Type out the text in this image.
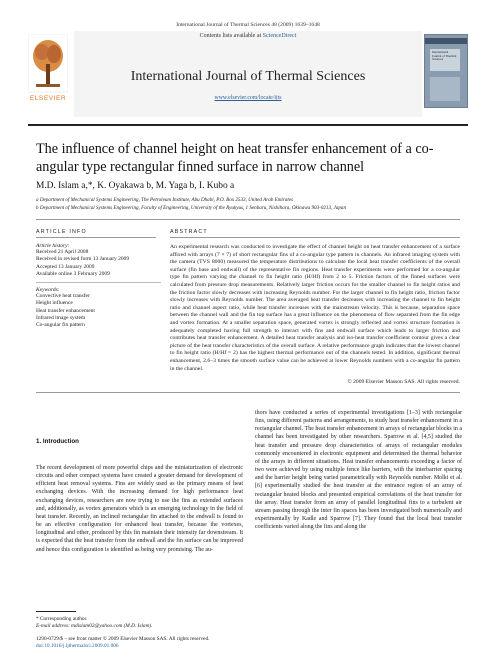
International Journal of Thermal Sciences 48 (2009) 1639–1648
ELSEVIER
Contents lists available at ScienceDirect
International Journal of Thermal Sciences
www.elsevier.com/locate/ijts
International Journal of Thermal Sciences
The influence of channel height on heat transfer enhancement of a co-angular type rectangular finned surface in narrow channel
M.D. Islam a,*, K. Oyakawa b, M. Yaga b, I. Kubo a
a Department of Mechanical Systems Engineering, The Petroleum Institute, Abu Dhabi, P.O. Box 2533, United Arab Emirates
b Department of Mechanical Systems Engineering, Faculty of Engineering, University of the Ryukyus, 1 Senbaru, Nishihara, Okinawa 903-0213, Japan
ARTICLE INFO
Article history:
Received 21 April 2008
Received in revised form 13 January 2009
Accepted 13 January 2009
Available online 3 February 2009
Keywords:
Convective heat transfer
Height influence
Heat transfer enhancement
Infrared image system
Co-angular fin pattern
ABSTRACT
An experimental research was conducted to investigate the effect of channel height on heat transfer enhancement of a surface affixed with arrays (7 × 7) of short rectangular fins of a co-angular type pattern in channels. An infrared imaging system with the camera (TVS 8000) measured the temperature distributions to calculate the local heat transfer coefficients of the overall surface (fin base and endwall) of the representative fin regions. Heat transfer experiments were performed for a co-angular type fin pattern varying the channel to fin height ratio (H/Hf) from 2 to 5. Friction factors of the finned surfaces were calculated from pressure drop measurements. Relatively larger friction occurs for the smaller channel to fin height ratios and the friction factor slowly decreases with increasing Reynolds number. For the larger channel to fin height ratio, friction factor slowly increases with Reynolds number. The area averaged heat transfer decreases with increasing the channel to fin height ratio and channel aspect ratio, while heat transfer increases with the mainstream velocity. This is because, separation space between the channel wall and the fin top surface has a great influence on the phenomena of flow separated from the fin edge and vortex formation. At a smaller separation space, generated vortex is strongly reflected and vortex structure formation is adequately completed having full strength to interact with fins and endwall surface which leads to larger friction and contributes heat transfer enhancement. A detailed heat transfer analysis and iso-heat transfer coefficient contour gives a clear picture of the heat transfer characteristics of the overall surface. A relative performance graph indicates that the lowest channel to fin height ratio (H/Hf = 2) has the highest thermal performance out of the channels tested. In addition, significant thermal enhancement, 2.6–3 times the smooth surface value can be achieved at lower Reynolds numbers with a co-angular fin pattern in the channel.
© 2009 Elsevier Masson SAS. All rights reserved.
1. Introduction
The recent development of more powerful chips and the miniaturization of electronic circuits and other compact systems have created a greater demand for development of efficient heat removal systems. Fins are widely used as the primary means of heat exchanging devices. With the increasing demand for high performance heat exchanging devices, researchers are now trying to use the fins as extended surfaces and, additionally, as vortex generators which is an emerging technology in the field of heat transfer. Recently, an inclined rectangular fin attached to the endwall is found to be an effective configuration for enhanced heat transfer, because the vortexes, longitudinal and other, produced by this fin maintain their intensity far downstream. It is expected that the heat transfer from the endwall and the fin surface can be improved and hence this configuration is identified as being very promising. The au-
thors have conducted a series of experimental investigations [1–3] with rectangular fins, using different patterns and arrangements, to study heat transfer enhancement in a rectangular channel. The heat transfer enhancement in arrays of rectangular blocks in a channel has been investigated by other researchers. Sparrow et al. [4,5] studied the heat transfer and pressure drop characteristics of arrays of rectangular modules commonly encountered in electronic equipment and determined the thermal behavior of the arrays in different situations. Heat transfer enhancements exceeding a factor of two were achieved by using multiple fence like barriers, with the interbarrier spacing and the barrier height being varied parametrically with Reynolds number. Molki et al. [6] experimentally studied the heat transfer at the entrance region of an array of rectangular heated blocks and presented empirical correlations of the heat transfer for the array. Heat transfer from an array of parallel longitudinal fins to a turbulent air stream passing through the inter fin spaces has been investigated both numerically and experimentally by Kadle and Sparrow [7]. They found that the local heat transfer coefficients varied along the fins and along the
* Corresponding author.
E-mail address: mdislam02@yahoo.com (M.D. Islam).
1290-0729/$ – see front matter © 2009 Elsevier Masson SAS. All rights reserved.
doi:10.1016/j.ijthermalsci.2009.01.006
